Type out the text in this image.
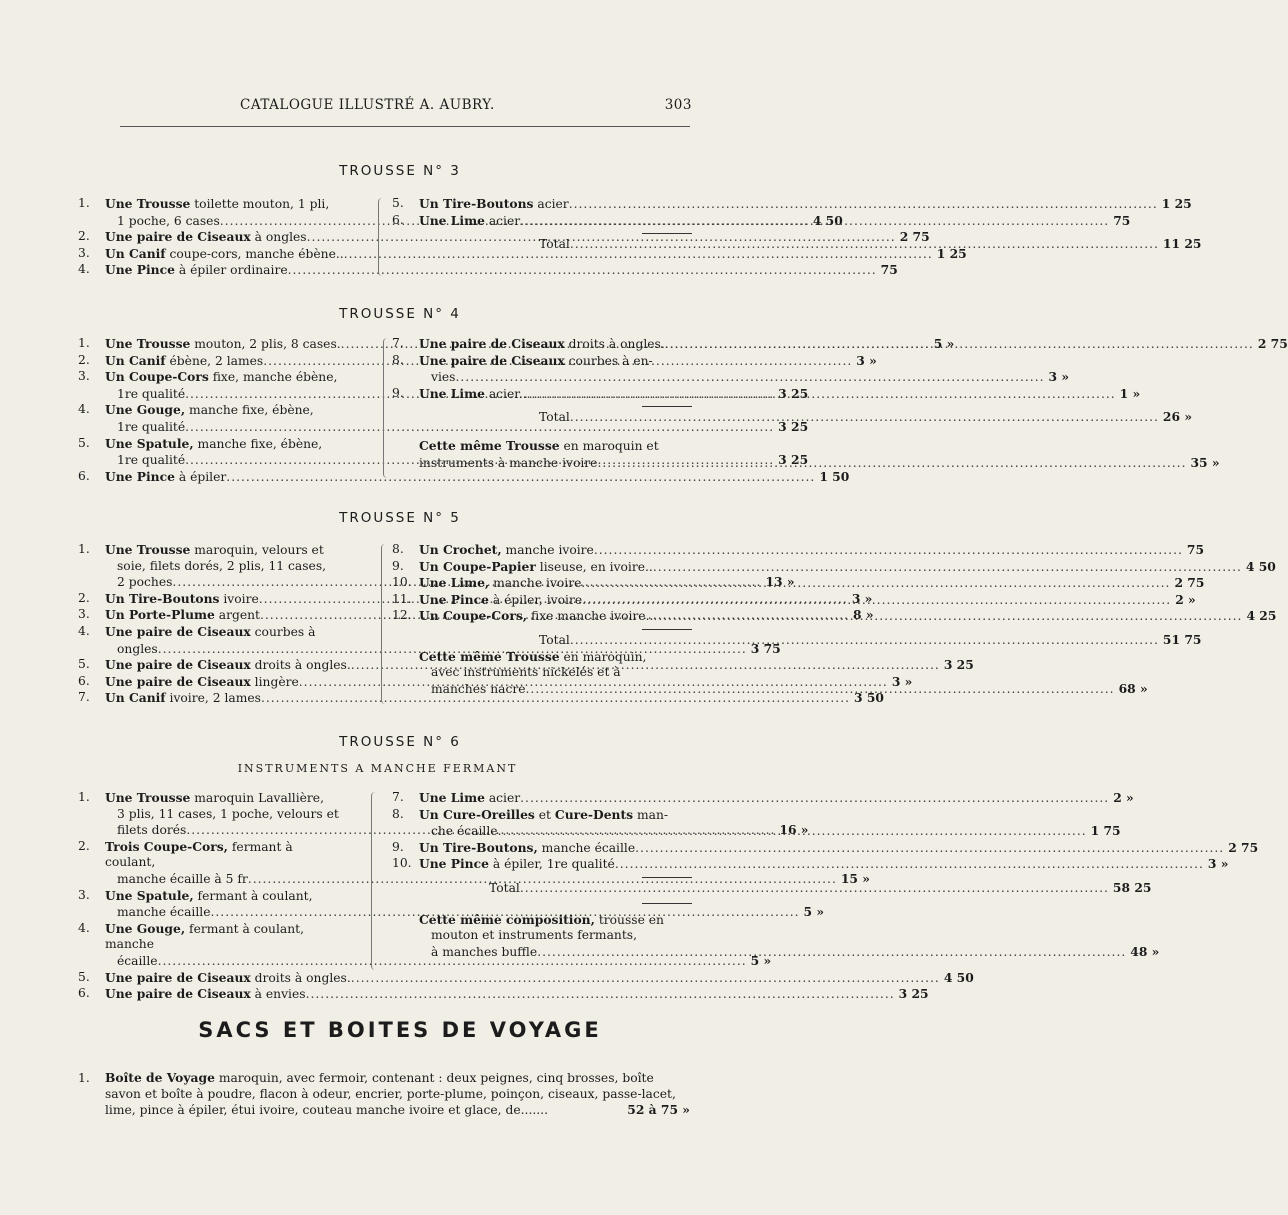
CATALOGUE ILLUSTRÉ A. AUBRY.	303
TROUSSE N° 3
1.	Une Trousse toilette mouton, 1 pli,
1 poche, 6 cases .....	4 50
2.	Une paire de Ciseaux à ongles .....	2 75
3.	Un Canif coupe-cors, manche ébène.. .....	1 25
4.	Une Pince à épiler ordinaire .....	75
5.	Un Tire-Boutons acier .....	1 25
6.	Une Lime acier .....	75
Total .....	11 25
TROUSSE N° 4
1.	Une Trousse mouton, 2 plis, 8 cases. .....	5 »
2.	Un Canif ébène, 2 lames .....	3 »
3.	Un Coupe-Cors fixe, manche ébène,
1re qualité .....	3 25
4.	Une Gouge, manche fixe, ébène,
1re qualité .....	3 25
5.	Une Spatule, manche fixe, ébène,
1re qualité .....	3 25
6.	Une Pince à épiler .....	1 50
7.	Une paire de Ciseaux droits à ongles. .....	2 75
8.	Une paire de Ciseaux courbes à en-
vies .....	3 »
9.	Une Lime acier.. .....	1 »
Total .....	26 »
Cette même Trousse en maroquin et
instruments à manche ivoire .....	35 »
TROUSSE N° 5
1.	Une Trousse maroquin, velours et
soie, filets dorés, 2 plis, 11 cases,
2 poches .....	13 »
2.	Un Tire-Boutons ivoire .....	3 »
3.	Un Porte-Plume argent .....	8 »
4.	Une paire de Ciseaux courbes à
ongles .....	3 75
5.	Une paire de Ciseaux droits à ongles. .....	3 25
6.	Une paire de Ciseaux lingère .....	3 »
7.	Un Canif ivoire, 2 lames .....	3 50
8.	Un Crochet, manche ivoire .....	75
9.	Un Coupe-Papier liseuse, en ivoire.. .....	4 50
10. Une Lime, manche ivoire .....	2 75
11. Une Pince à épiler, ivoire .....	2 »
12. Un Coupe-Cors, fixe manche ivoire.. .....	4 25
Total .....	51 75
Cette même Trousse en maroquin,
avec instruments nickelés et à
manches nacre .....	68 »
TROUSSE N° 6
INSTRUMENTS A MANCHE FERMANT
1.	Une Trousse maroquin Lavallière,
3 plis, 11 cases, 1 poche, velours et
filets dorés .....	16 »
2.	Trois Coupe-Cors, fermant à coulant,
manche écaille à 5 fr .....	15 »
3.	Une Spatule, fermant à coulant,
manche écaille .....	5 »
4.	Une Gouge, fermant à coulant, manche
écaille .....	5 »
5.	Une paire de Ciseaux droits à ongles. .....	4 50
6.	Une paire de Ciseaux à envies .....	3 25
7.	Une Lime acier .....	2 »
8.	Un Cure-Oreilles et Cure-Dents man-
che écaille .....	1 75
9.	Un Tire-Boutons, manche écaille .....	2 75
10. Une Pince à épiler, 1re qualité .....	3 »
Total .....	58 25
Cette même composition, trousse en
mouton et instruments fermants,
à manches buffle .....	48 »
SACS ET BOITES DE VOYAGE
1.	Boîte de Voyage maroquin, avec fermoir, contenant : deux peignes, cinq brosses, boîte savon et boîte à poudre, flacon à odeur, encrier, porte-plume, poinçon, ciseaux, passe-lacet, lime, pince à épiler, étui ivoire, couteau manche ivoire et glace, de.......	52 à 75 »
